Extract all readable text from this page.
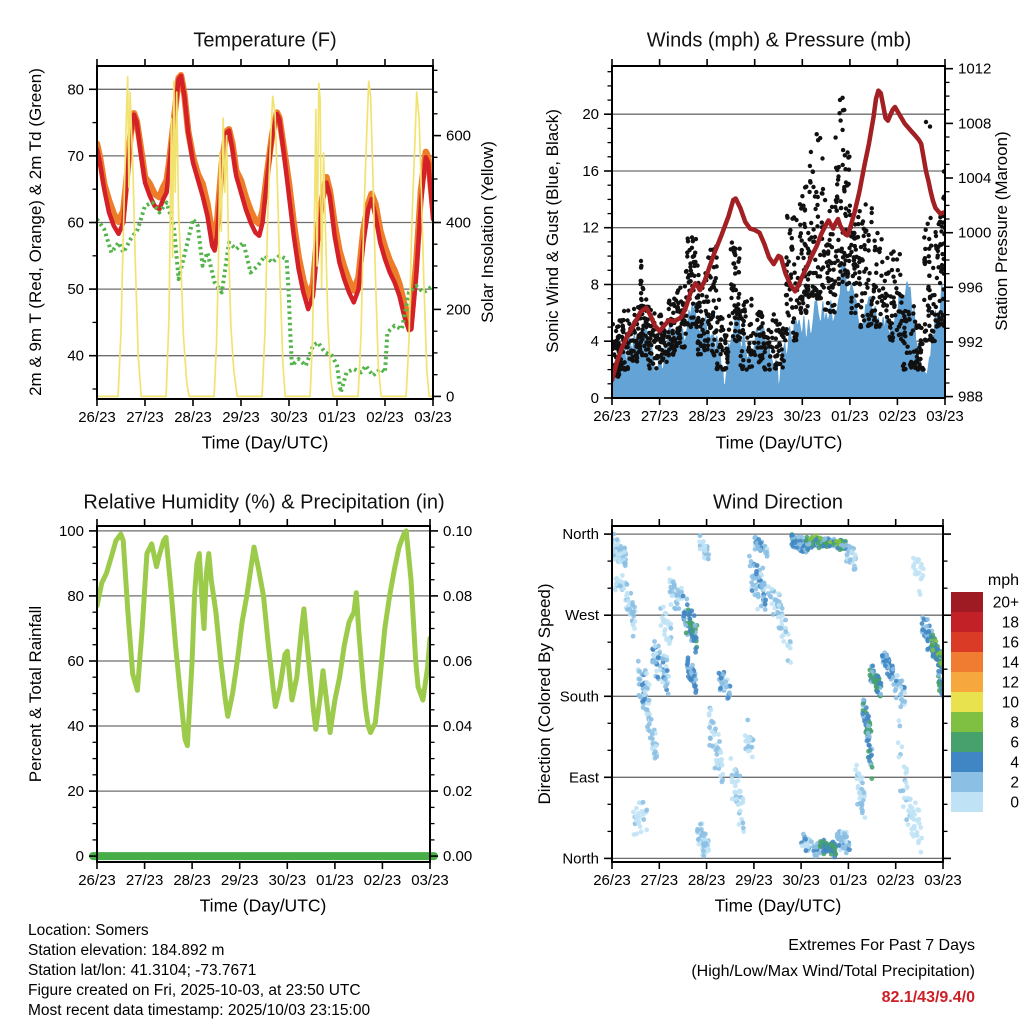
26/23 27/23 28/23 29/23 30/23 01/23 02/23 03/23
40
50
60
70
80
0
200
400
600
26/23 27/23 28/23 29/23 30/23 01/23 02/23 03/23
0
4
8
12
16
20
988
992
996
1000
1004
1008
1012
26/23 27/23 28/23 29/23 30/23 01/23 02/23 03/23
0
20
40
60
80
100
0.00
0.02
0.04
0.06
0.08
0.10
26/23 27/23 28/23 29/23 30/23 01/23 02/23 03/23
North
West
South
East
North
20+
18
16
14
12
10
8
6
4
2
0
Temperature (F)	Winds (mph) & Pressure (mb)
Relative Humidity (%) & Precipitation (in)	Wind Direction
2m & 9m T (Red, Orange) & 2m Td (Green)	Solar Insolation (Yellow)	Sonic Wind & Gust (Blue, Black)	Station Pressure (Maroon)
Percent & Total Rainfall	Direction (Colored By Speed)
Time (Day/UTC)	Time (Day/UTC)
Time (Day/UTC)	Time (Day/UTC)
mph
Location: Somers
Station elevation: 184.892 m
Station lat/lon: 41.3104; -73.7671
Figure created on Fri, 2025-10-03, at 23:50 UTC
Most recent data timestamp: 2025/10/03 23:15:00
Extremes For Past 7 Days
(High/Low/Max Wind/Total Precipitation)
82.1/43/9.4/0
